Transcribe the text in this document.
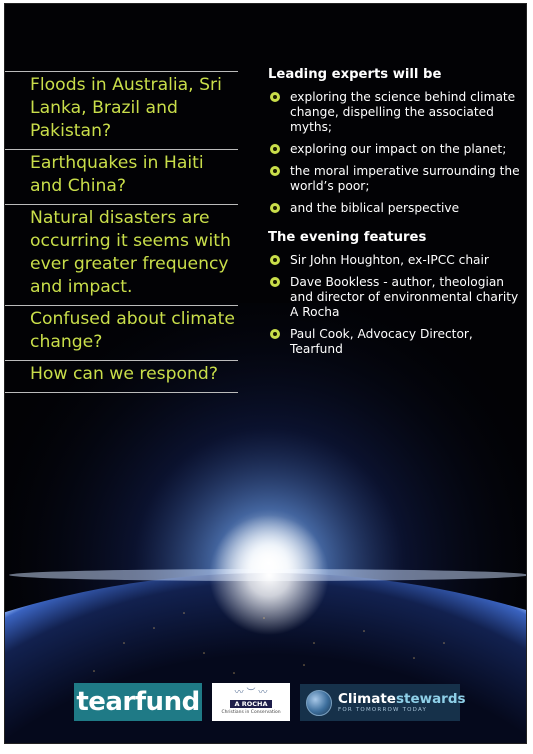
Floods in Australia, Sri Lanka, Brazil and Pakistan?
Earthquakes in Haiti and China?
Natural disasters are occurring it seems with ever greater frequency and impact.
Confused about climate change?
How can we respond?
Leading experts will be
exploring the science behind climate change, dispelling the associated myths;
exploring our impact on the planet;
the moral imperative surrounding the world’s poor;
and the biblical perspective
The evening features
Sir John Houghton, ex-IPCC chair
Dave Bookless - author, theologian and director of environmental charity A Rocha
Paul Cook, Advocacy Director, Tearfund
tearfund	〰 ︶ 〰
A ROCHA
Christians in Conservation
Climatestewards
FOR TOMORROW TODAY
